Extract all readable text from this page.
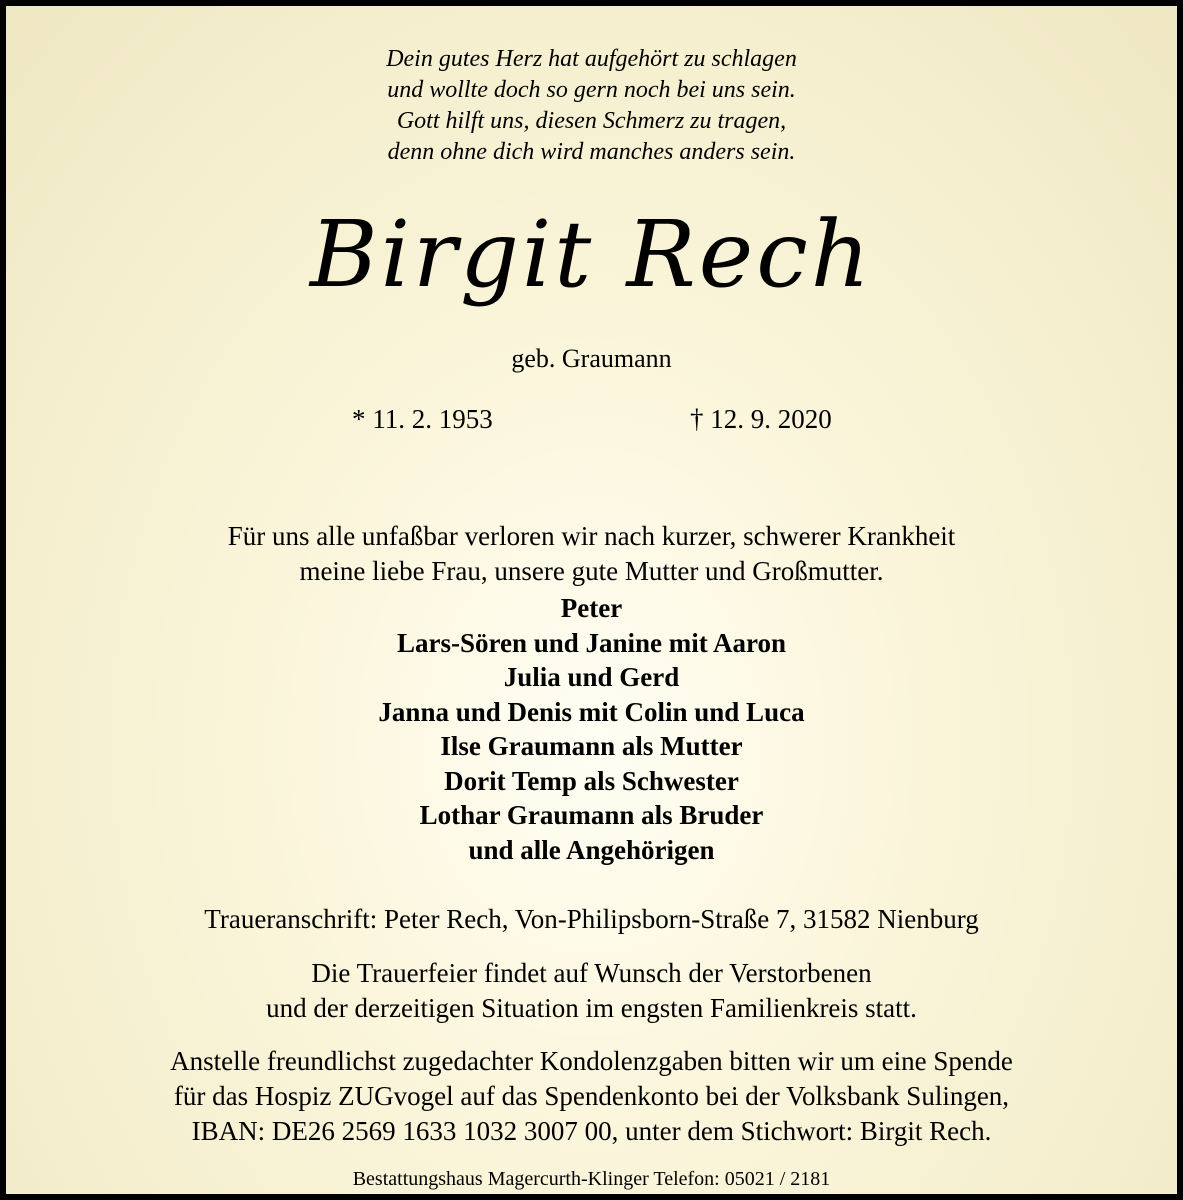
Dein gutes Herz hat aufgehört zu schlagen
und wollte doch so gern noch bei uns sein.
Gott hilft uns, diesen Schmerz zu tragen,
denn ohne dich wird manches anders sein.
Birgit Rech
geb. Graumann
* 11. 2. 1953	† 12. 9. 2020
Für uns alle unfaßbar verloren wir nach kurzer, schwerer Krankheit
meine liebe Frau, unsere gute Mutter und Großmutter.
Peter
Lars-Sören und Janine mit Aaron
Julia und Gerd
Janna und Denis mit Colin und Luca
Ilse Graumann als Mutter
Dorit Temp als Schwester
Lothar Graumann als Bruder
und alle Angehörigen
Traueranschrift: Peter Rech, Von-Philipsborn-Straße 7, 31582 Nienburg
Die Trauerfeier findet auf Wunsch der Verstorbenen
und der derzeitigen Situation im engsten Familienkreis statt.
Anstelle freundlichst zugedachter Kondolenzgaben bitten wir um eine Spende
für das Hospiz ZUGvogel auf das Spendenkonto bei der Volksbank Sulingen,
IBAN: DE26 2569 1633 1032 3007 00, unter dem Stichwort: Birgit Rech.
Bestattungshaus Magercurth-Klinger Telefon: 05021 / 2181
